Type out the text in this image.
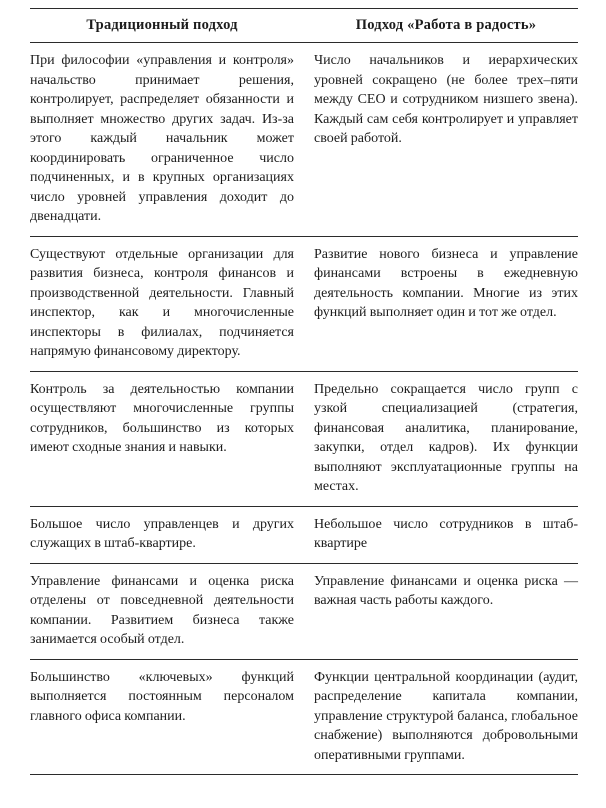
Традиционный подход	Подход «Работа в радость»
При философии «управления и контроля» начальство принимает решения, контролирует, распределяет обязанности и выполняет множество других задач. Из-за этого каждый начальник может координировать ограниченное число подчиненных, и в крупных организациях число уровней управления доходит до двенадцати.
Число начальников и иерархических уровней сокращено (не более трех–пяти между CEO и сотрудником низшего звена). Каждый сам себя контролирует и управляет своей работой.
Существуют отдельные организации для развития бизнеса, контроля финансов и производственной деятельности. Главный инспектор, как и многочисленные инспекторы в филиалах, подчиняется напрямую финансовому директору.
Развитие нового бизнеса и управление финансами встроены в ежедневную деятельность компании. Многие из этих функций выполняет один и тот же отдел.
Контроль за деятельностью компании осуществляют многочисленные группы сотрудников, большинство из которых имеют сходные знания и навыки.
Предельно сокращается число групп с узкой специализацией (стратегия, финансовая аналитика, планирование, закупки, отдел кадров). Их функции выполняют эксплуатационные группы на местах.
Большое число управленцев и других служащих в штаб-квартире.
Небольшое число сотрудников в штаб-квартире
Управление финансами и оценка риска отделены от повседневной деятельности компании. Развитием бизнеса также занимается особый отдел.
Управление финансами и оценка риска — важная часть работы каждого.
Большинство «ключевых» функций выполняется постоянным персоналом главного офиса компании.
Функции центральной координации (аудит, распределение капитала компании, управление структурой баланса, глобальное снабжение) выполняются добровольными оперативными группами.
